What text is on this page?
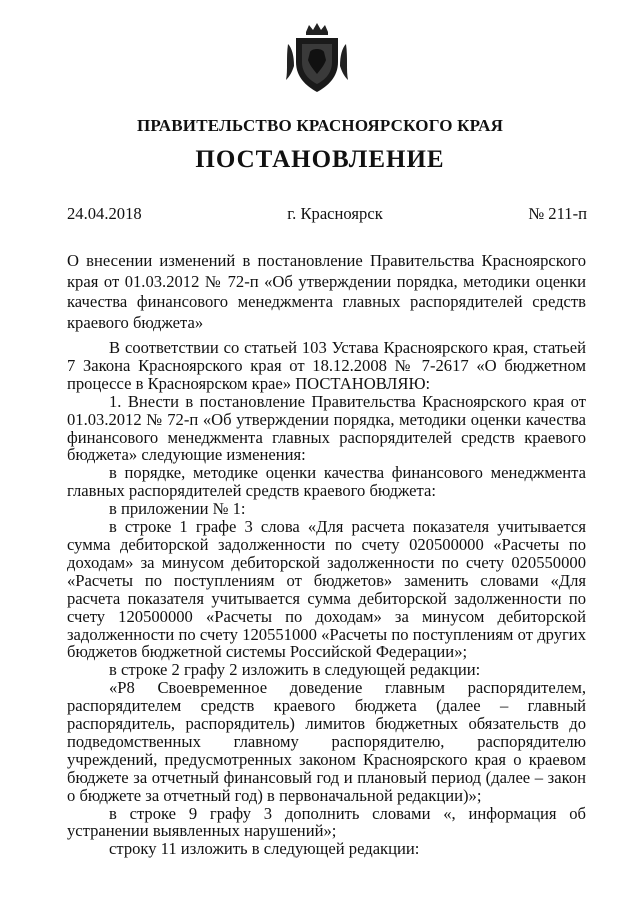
ПРАВИТЕЛЬСТВО КРАСНОЯРСКОГО КРАЯ
ПОСТАНОВЛЕНИЕ
24.04.2018	г. Красноярск	№ 211-п
О внесении изменений в постановление Правительства Красноярского края от 01.03.2012 № 72-п «Об утверждении порядка, методики оценки качества финансового менеджмента главных распорядителей средств краевого бюджета»

В соответствии со статьей 103 Устава Красноярского края, статьей 7 Закона Красноярского края от 18.12.2008 № 7-2617 «О бюджетном процессе в Красноярском крае» ПОСТАНОВЛЯЮ:

1. Внести в постановление Правительства Красноярского края от 01.03.2012 № 72-п «Об утверждении порядка, методики оценки качества финансового менеджмента главных распорядителей средств краевого бюджета» следующие изменения:

в порядке, методике оценки качества финансового менеджмента главных распорядителей средств краевого бюджета:

в приложении № 1:

в строке 1 графе 3 слова «Для расчета показателя учитывается сумма дебиторской задолженности по счету 020500000 «Расчеты по доходам» за минусом дебиторской задолженности по счету 020550000 «Расчеты по поступлениям от бюджетов» заменить словами «Для расчета показателя учитывается сумма дебиторской задолженности по счету 120500000 «Расчеты по доходам» за минусом дебиторской задолженности по счету 120551000 «Расчеты по поступлениям от других бюджетов бюджетной системы Российской Федерации»;

в строке 2 графу 2 изложить в следующей редакции:

«Р8 Своевременное доведение главным распорядителем, распорядителем средств краевого бюджета (далее – главный распорядитель, распорядитель) лимитов бюджетных обязательств до подведомственных главному распорядителю, распорядителю учреждений, предусмотренных законом Красноярского края о краевом бюджете за отчетный финансовый год и плановый период (далее – закон о бюджете за отчетный год) в первоначальной редакции)»;

в строке 9 графу 3 дополнить словами «, информация об устранении выявленных нарушений»;

строку 11 изложить в следующей редакции:
